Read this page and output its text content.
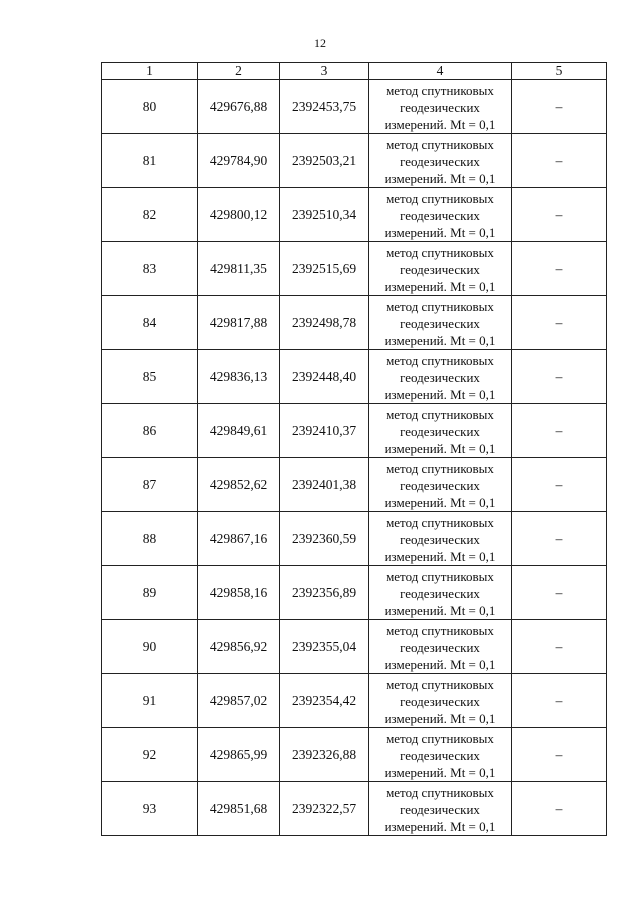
12
1	2	3	4	5
80	429676,88	2392453,75	метод спутниковых
геодезических
измерений. Mt = 0,1	–
81	429784,90	2392503,21	метод спутниковых
геодезических
измерений. Mt = 0,1	–
82	429800,12	2392510,34	метод спутниковых
геодезических
измерений. Mt = 0,1	–
83	429811,35	2392515,69	метод спутниковых
геодезических
измерений. Mt = 0,1	–
84	429817,88	2392498,78	метод спутниковых
геодезических
измерений. Mt = 0,1	–
85	429836,13	2392448,40	метод спутниковых
геодезических
измерений. Mt = 0,1	–
86	429849,61	2392410,37	метод спутниковых
геодезических
измерений. Mt = 0,1	–
87	429852,62	2392401,38	метод спутниковых
геодезических
измерений. Mt = 0,1	–
88	429867,16	2392360,59	метод спутниковых
геодезических
измерений. Mt = 0,1	–
89	429858,16	2392356,89	метод спутниковых
геодезических
измерений. Mt = 0,1	–
90	429856,92	2392355,04	метод спутниковых
геодезических
измерений. Mt = 0,1	–
91	429857,02	2392354,42	метод спутниковых
геодезических
измерений. Mt = 0,1	–
92	429865,99	2392326,88	метод спутниковых
геодезических
измерений. Mt = 0,1	–
93	429851,68	2392322,57	метод спутниковых
геодезических
измерений. Mt = 0,1	–
